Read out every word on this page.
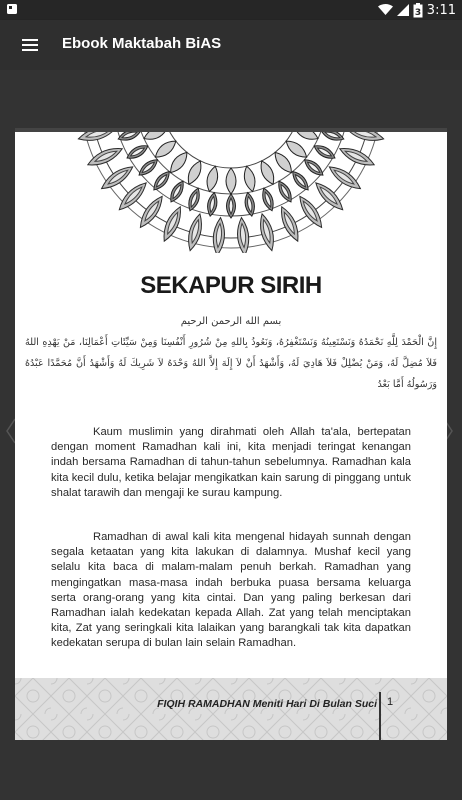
3 3:11
Ebook Maktabah BiAS
SEKAPUR SIRIH
بسم الله الرحمن الرحيم
إِنَّ الْحَمْدَ لِلَّهِ نَحْمَدُهُ وَنَسْتَعِينُهُ وَنَسْتَغْفِرُهُ، وَنَعُوذُ بِاللهِ مِنْ شُرُورِ أَنْفُسِنَا وَمِنْ سَيِّئَاتِ أَعْمَالِنَا، مَنْ يَهْدِهِ اللهُ فَلاَ مُضِلَّ لَهُ، وَمَنْ يُضْلِلْ فَلاَ هَادِيَ لَهُ، وَأَشْهَدُ أَنْ لاَ إِلَهَ إِلاَّ اللهُ وَحْدَهُ لاَ شَرِيكَ لَهُ وَأَشْهَدُ أَنَّ مُحَمَّدًا عَبْدُهُ وَرَسُولُهُ أَمَّا بَعْدُ

Kaum muslimin yang dirahmati oleh Allah ta'ala, bertepatan dengan moment Ramadhan kali ini, kita menjadi teringat kenangan indah bersama Ramadhan di tahun-tahun sebelumnya. Ramadhan kala kita kecil dulu, ketika belajar mengikatkan kain sarung di pinggang untuk shalat tarawih dan mengaji ke surau kampung.

Ramadhan di awal kali kita mengenal hidayah sunnah dengan segala ketaatan yang kita lakukan di dalamnya. Mushaf kecil yang selalu kita baca di malam-malam penuh berkah. Ramadhan yang mengingatkan masa-masa indah berbuka puasa bersama keluarga serta orang-orang yang kita cintai. Dan yang paling berkesan dari Ramadhan ialah kedekatan kepada Allah. Zat yang telah menciptakan kita, Zat yang seringkali kita lalaikan yang barangkali tak kita dapatkan kedekatan serupa di bulan lain selain Ramadhan.

FIQIH RAMADHAN Meniti Hari Di Bulan Suci 1
